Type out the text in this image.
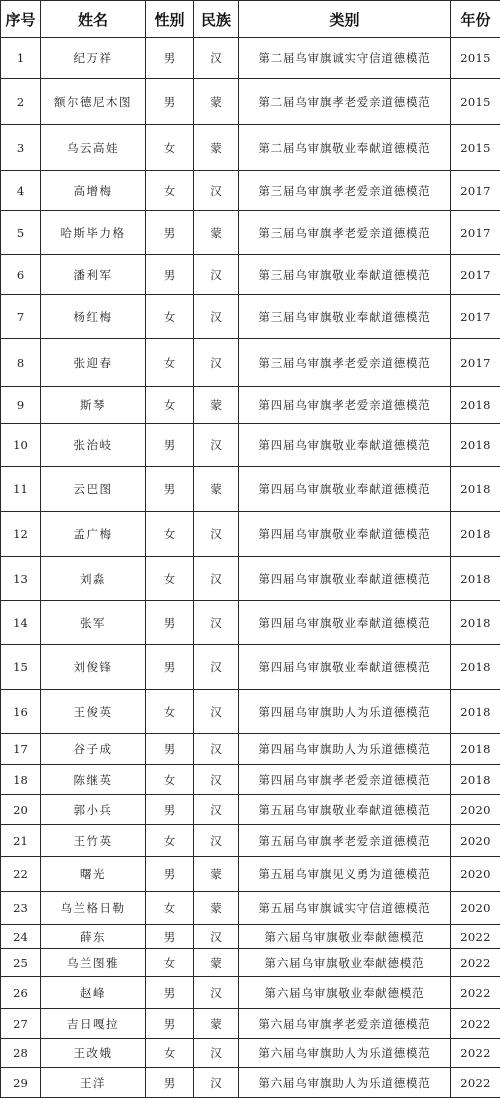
序号	姓名	性别	民族	类别	年份
1	纪万祥	男	汉	第二届乌审旗诚实守信道德模范	2015
2	额尔德尼木图	男	蒙	第二届乌审旗孝老爱亲道德模范	2015
3	乌云高娃	女	蒙	第二届乌审旗敬业奉献道德模范	2015
4	高增梅	女	汉	第三届乌审旗孝老爱亲道德模范	2017
5	哈斯毕力格	男	蒙	第三届乌审旗孝老爱亲道德模范	2017
6	潘利军	男	汉	第三届乌审旗敬业奉献道德模范	2017
7	杨红梅	女	汉	第三届乌审旗敬业奉献道德模范	2017
8	张迎春	女	汉	第三届乌审旗孝老爱亲道德模范	2017
9	斯琴	女	蒙	第四届乌审旗孝老爱亲道德模范	2018
10	张治岐	男	汉	第四届乌审旗敬业奉献道德模范	2018
11	云巴图	男	蒙	第四届乌审旗敬业奉献道德模范	2018
12	孟广梅	女	汉	第四届乌审旗敬业奉献道德模范	2018
13	刘淼	女	汉	第四届乌审旗敬业奉献道德模范	2018
14	张军	男	汉	第四届乌审旗敬业奉献道德模范	2018
15	刘俊锋	男	汉	第四届乌审旗敬业奉献道德模范	2018
16	王俊英	女	汉	第四届乌审旗助人为乐道德模范	2018
17	谷子成	男	汉	第四届乌审旗助人为乐道德模范	2018
18	陈继英	女	汉	第四届乌审旗孝老爱亲道德模范	2018
20	郭小兵	男	汉	第五届乌审旗敬业奉献道德模范	2020
21	王竹英	女	汉	第五届乌审旗孝老爱亲道德模范	2020
22	曙光	男	蒙	第五届乌审旗见义勇为道德模范	2020
23	乌兰格日勒	女	蒙	第五届乌审旗诚实守信道德模范	2020
24	薛东	男	汉	第六届乌审旗敬业奉献德模范	2022
25	乌兰图雅	女	蒙	第六届乌审旗敬业奉献德模范	2022
26	赵峰	男	汉	第六届乌审旗敬业奉献德模范	2022
27	吉日嘎拉	男	蒙	第六届乌审旗孝老爱亲道德模范	2022
28	王改娥	女	汉	第六届乌审旗助人为乐道德模范	2022
29	王洋	男	汉	第六届乌审旗助人为乐道德模范	2022
